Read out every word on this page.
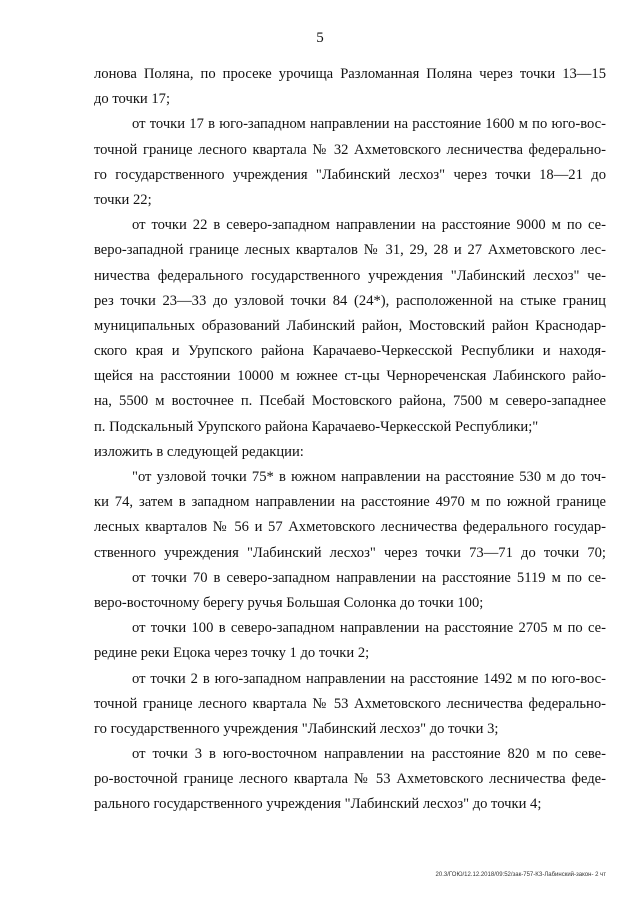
5
лонова Поляна, по просеке урочища Разломанная Поляна через точки 13—15
до точки 17;
от точки 17 в юго-западном направлении на расстояние 1600 м по юго-вос-
точной границе лесного квартала № 32 Ахметовского лесничества федерально-
го государственного учреждения "Лабинский лесхоз" через точки 18—21 до
точки 22;
от точки 22 в северо-западном направлении на расстояние 9000 м по се-
веро-западной границе лесных кварталов № 31, 29, 28 и 27 Ахметовского лес-
ничества федерального государственного учреждения "Лабинский лесхоз" че-
рез точки 23—33 до узловой точки 84 (24*), расположенной на стыке границ
муниципальных образований Лабинский район, Мостовский район Краснодар-
ского края и Урупского района Карачаево-Черкесской Республики и находя-
щейся на расстоянии 10000 м южнее ст-цы Черноречeнская Лабинского райо-
на, 5500 м восточнее п. Псебай Мостовского района, 7500 м северо-западнее
п. Подскальный Урупского района Карачаево-Черкесской Республики;"
изложить в следующей редакции:
"от узловой точки 75* в южном направлении на расстояние 530 м до точ-
ки 74, затем в западном направлении на расстояние 4970 м по южной границе
лесных кварталов № 56 и 57 Ахметовского лесничества федерального государ-
ственного учреждения "Лабинский лесхоз" через точки 73—71 до точки 70;
от точки 70 в северо-западном направлении на расстояние 5119 м по се-
веро-восточному берегу ручья Большая Солонка до точки 100;
от точки 100 в северо-западном направлении на расстояние 2705 м по се-
редине реки Ецока через точку 1 до точки 2;
от точки 2 в юго-западном направлении на расстояние 1492 м по юго-вос-
точной границе лесного квартала № 53 Ахметовского лесничества федерально-
го государственного учреждения "Лабинский лесхоз" до точки 3;
от точки 3 в юго-восточном направлении на расстояние 820 м по севе-
ро-восточной границе лесного квартала № 53 Ахметовского лесничества феде-
рального государственного учреждения "Лабинский лесхоз" до точки 4;
20.3/ГОЮ/12.12.2018/09:52/зак-757-КЗ-Лабинский-закон- 2 чт
